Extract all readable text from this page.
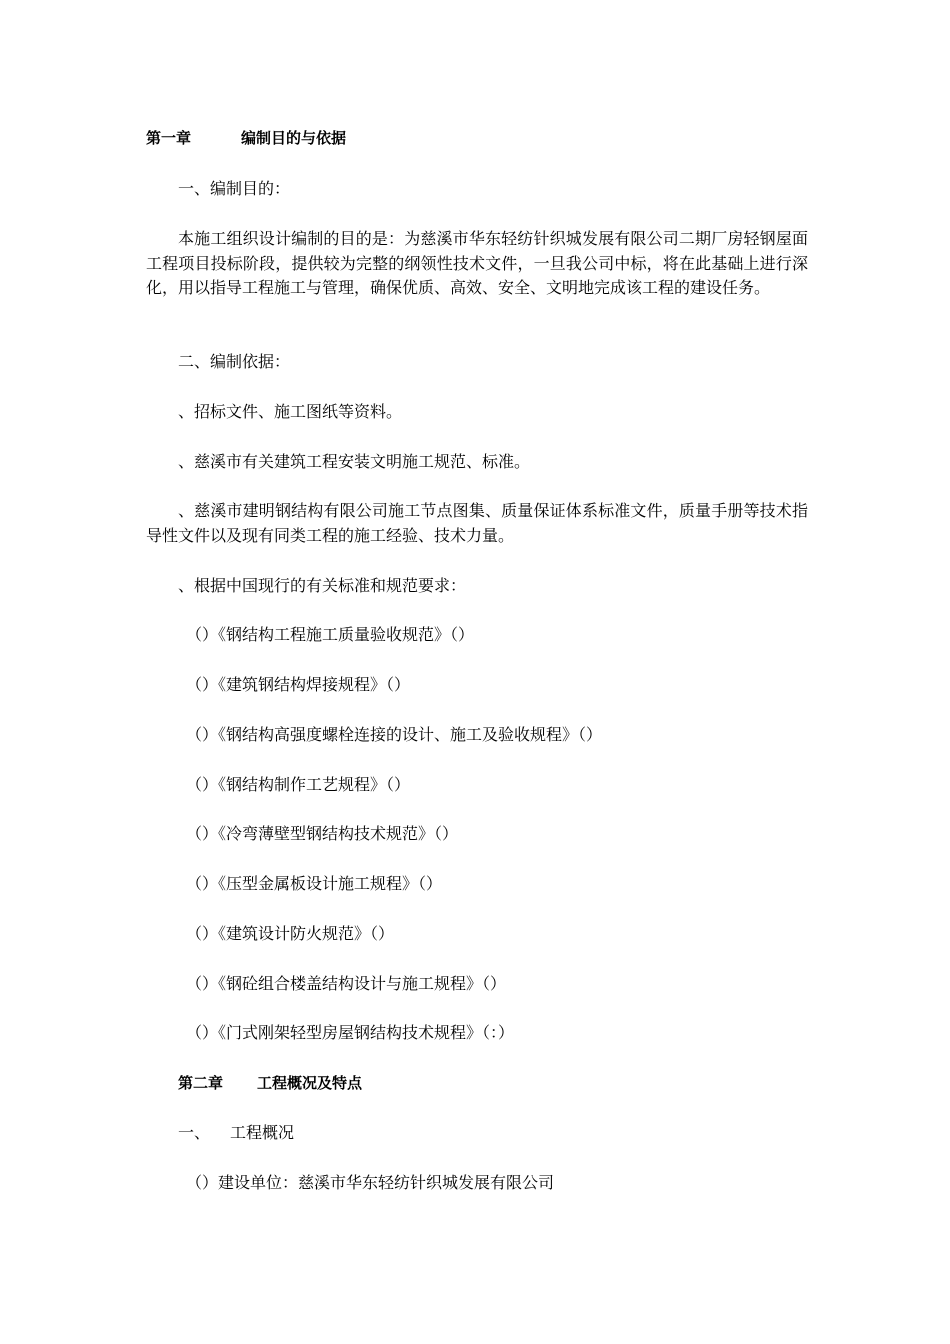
第一章	编制目的与依据
一、编制目的：
本施工组织设计编制的目的是：为慈溪市华东轻纺针织城发展有限公司二期厂房轻钢屋面工程项目投标阶段，提供较为完整的纲领性技术文件，一旦我公司中标，将在此基础上进行深化，用以指导工程施工与管理，确保优质、高效、安全、文明地完成该工程的建设任务。
二、编制依据：
、招标文件、施工图纸等资料。
、慈溪市有关建筑工程安装文明施工规范、标准。
、慈溪市建明钢结构有限公司施工节点图集、质量保证体系标准文件，质量手册等技术指导性文件以及现有同类工程的施工经验、技术力量。
、根据中国现行的有关标准和规范要求：
（）《钢结构工程施工质量验收规范》（）
（）《建筑钢结构焊接规程》（）
（）《钢结构高强度螺栓连接的设计、施工及验收规程》（）
（）《钢结构制作工艺规程》（）
（）《冷弯薄壁型钢结构技术规范》（）
（）《压型金属板设计施工规程》（）
（）《建筑设计防火规范》（）
（）《钢砼组合楼盖结构设计与施工规程》（）
（）《门式刚架轻型房屋钢结构技术规程》（：）
第二章 工程概况及特点
一、 工程概况
（）建设单位：慈溪市华东轻纺针织城发展有限公司
